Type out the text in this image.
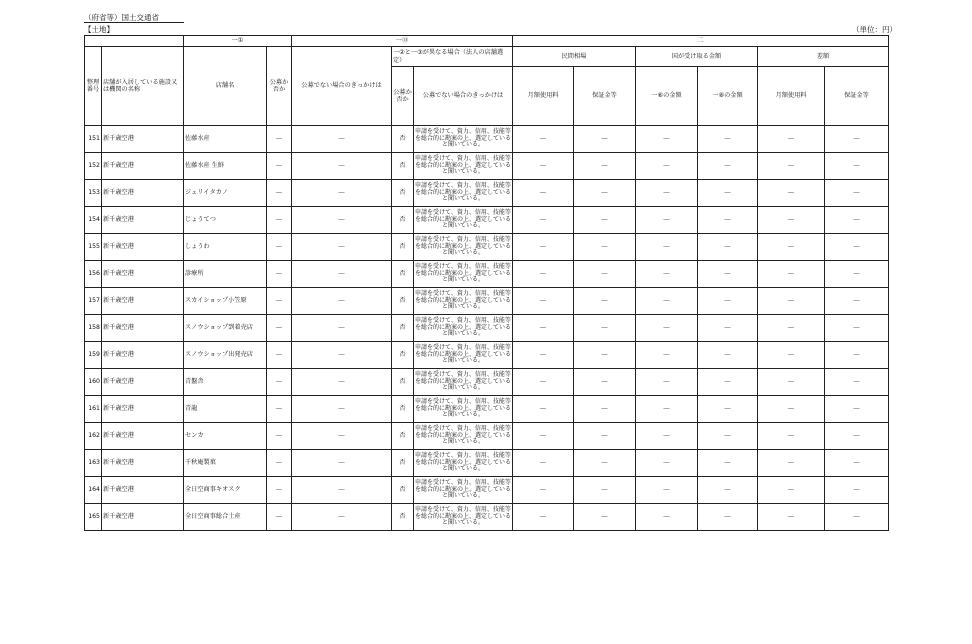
（府省等）国土交通省
【土地】	（単位：円）
		一①		一⑬			二					
整理番号	店舗が入居している施設又は機関の名称	店舗名	公募か否か	公募でない場合のきっかけは	一②と一③が異なる場合（法人の店舗選定）		民間相場		国が受け取る金額		差額	
					公募か否か	公募でない場合のきっかけは						
							月額使用料	保証金等	一⑥の金額	一⑧の金額	月額使用料	保証金等
151	新千歳空港	佐藤水産	－	－	否	申請を受けて、資力、信用、技能等を総合的に勘案の上、選定していると聞いている。	－	－	－	－	－	－
152	新千歳空港	佐藤水産 生鮮	－	－	否	申請を受けて、資力、信用、技能等を総合的に勘案の上、選定していると聞いている。	－	－	－	－	－	－
153	新千歳空港	ジュリイタカノ	－	－	否	申請を受けて、資力、信用、技能等を総合的に勘案の上、選定していると聞いている。	－	－	－	－	－	－
154	新千歳空港	じょうてつ	－	－	否	申請を受けて、資力、信用、技能等を総合的に勘案の上、選定していると聞いている。	－	－	－	－	－	－
155	新千歳空港	しょうわ	－	－	否	申請を受けて、資力、信用、技能等を総合的に勘案の上、選定していると聞いている。	－	－	－	－	－	－
156	新千歳空港	診療所	－	－	否	申請を受けて、資力、信用、技能等を総合的に勘案の上、選定していると聞いている。	－	－	－	－	－	－
157	新千歳空港	スカイショップ小笠原	－	－	否	申請を受けて、資力、信用、技能等を総合的に勘案の上、選定していると聞いている。	－	－	－	－	－	－
158	新千歳空港	スノウショップ到着売店	－	－	否	申請を受けて、資力、信用、技能等を総合的に勘案の上、選定していると聞いている。	－	－	－	－	－	－
159	新千歳空港	スノウショップ出発売店	－	－	否	申請を受けて、資力、信用、技能等を総合的に勘案の上、選定していると聞いている。	－	－	－	－	－	－
160	新千歳空港	青盤舎	－	－	否	申請を受けて、資力、信用、技能等を総合的に勘案の上、選定していると聞いている。	－	－	－	－	－	－
161	新千歳空港	青龍	－	－	否	申請を受けて、資力、信用、技能等を総合的に勘案の上、選定していると聞いている。	－	－	－	－	－	－
162	新千歳空港	センカ	－	－	否	申請を受けて、資力、信用、技能等を総合的に勘案の上、選定していると聞いている。	－	－	－	－	－	－
163	新千歳空港	千秋庵製菓	－	－	否	申請を受けて、資力、信用、技能等を総合的に勘案の上、選定していると聞いている。	－	－	－	－	－	－
164	新千歳空港	全日空商事キオスク	－	－	否	申請を受けて、資力、信用、技能等を総合的に勘案の上、選定していると聞いている。	－	－	－	－	－	－
165	新千歳空港	全日空商事総合土産	－	－	否	申請を受けて、資力、信用、技能等を総合的に勘案の上、選定していると聞いている。	－	－	－	－	－	－
